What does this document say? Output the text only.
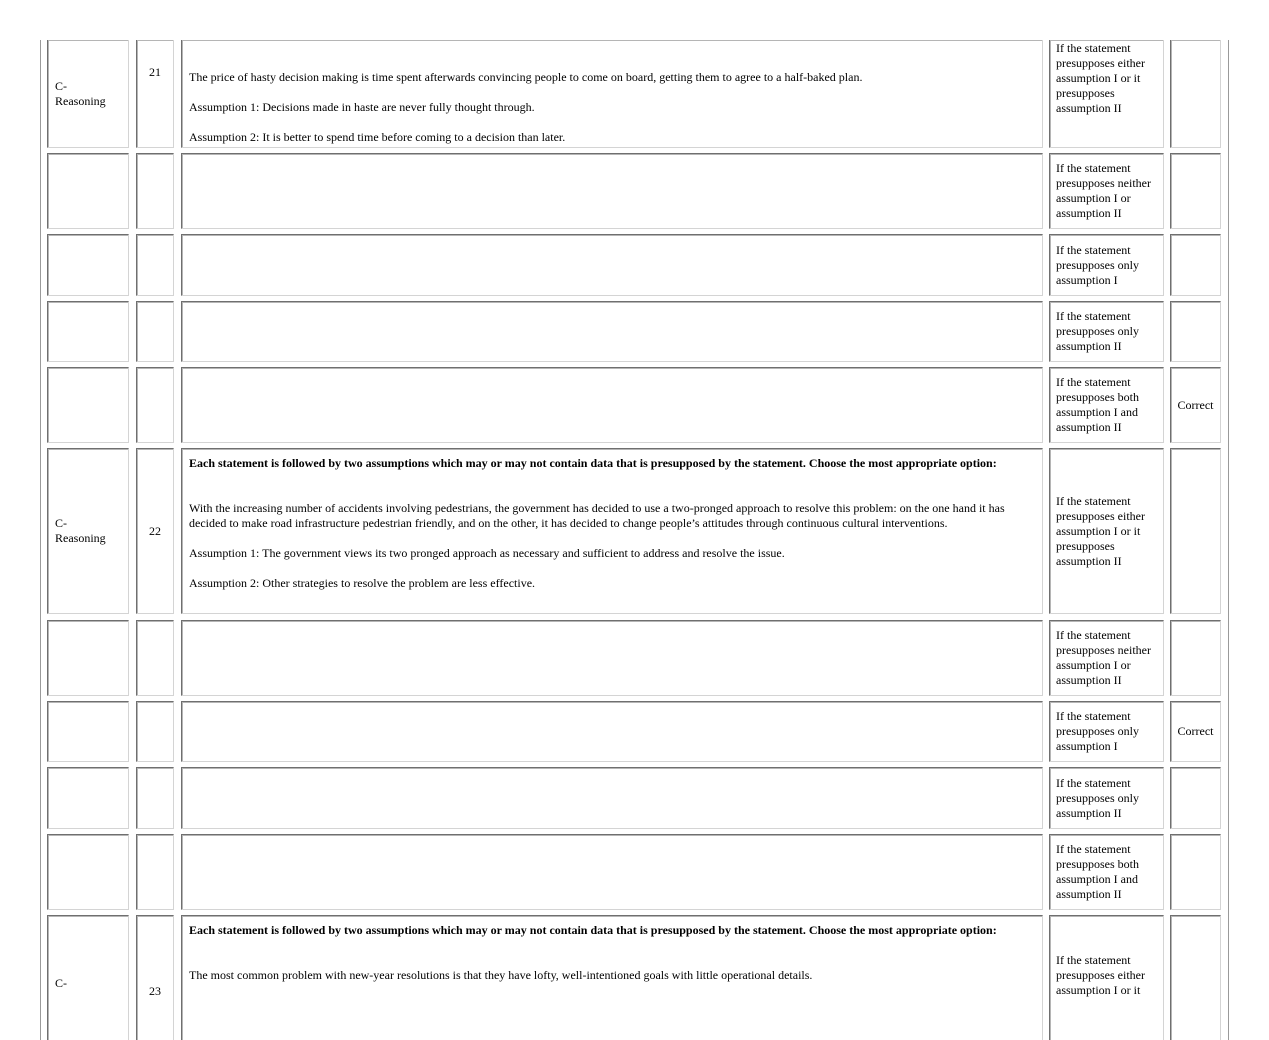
C-
Reasoning
21	The price of hasty decision making is time spent afterwards convincing people to come on board, getting them to agree to a half-baked plan.

Assumption 1: Decisions made in haste are never fully thought through.

Assumption 2: It is better to spend time before coming to a decision than later.

If the statement presupposes either assumption I or it presupposes assumption II
If the statement presupposes neither assumption I or assumption II
If the statement presupposes only assumption I
If the statement presupposes only assumption II
If the statement presupposes both assumption I and assumption II
Correct
C-
Reasoning
22

Each statement is followed by two assumptions which may or may not contain data that is presupposed by the statement. Choose the most appropriate option:

With the increasing number of accidents involving pedestrians, the government has decided to use a two-pronged approach to resolve this problem: on the one hand it has decided to make road infrastructure pedestrian friendly, and on the other, it has decided to change people’s attitudes through continuous cultural interventions.

Assumption 1: The government views its two pronged approach as necessary and sufficient to address and resolve the issue.

Assumption 2: Other strategies to resolve the problem are less effective.

If the statement presupposes either assumption I or it presupposes assumption II
If the statement presupposes neither assumption I or assumption II
If the statement presupposes only assumption I
Correct
If the statement presupposes only assumption II
If the statement presupposes both assumption I and assumption II
C-
23

Each statement is followed by two assumptions which may or may not contain data that is presupposed by the statement. Choose the most appropriate option:

The most common problem with new-year resolutions is that they have lofty, well-intentioned goals with little operational details.

If the statement presupposes either assumption I or it
